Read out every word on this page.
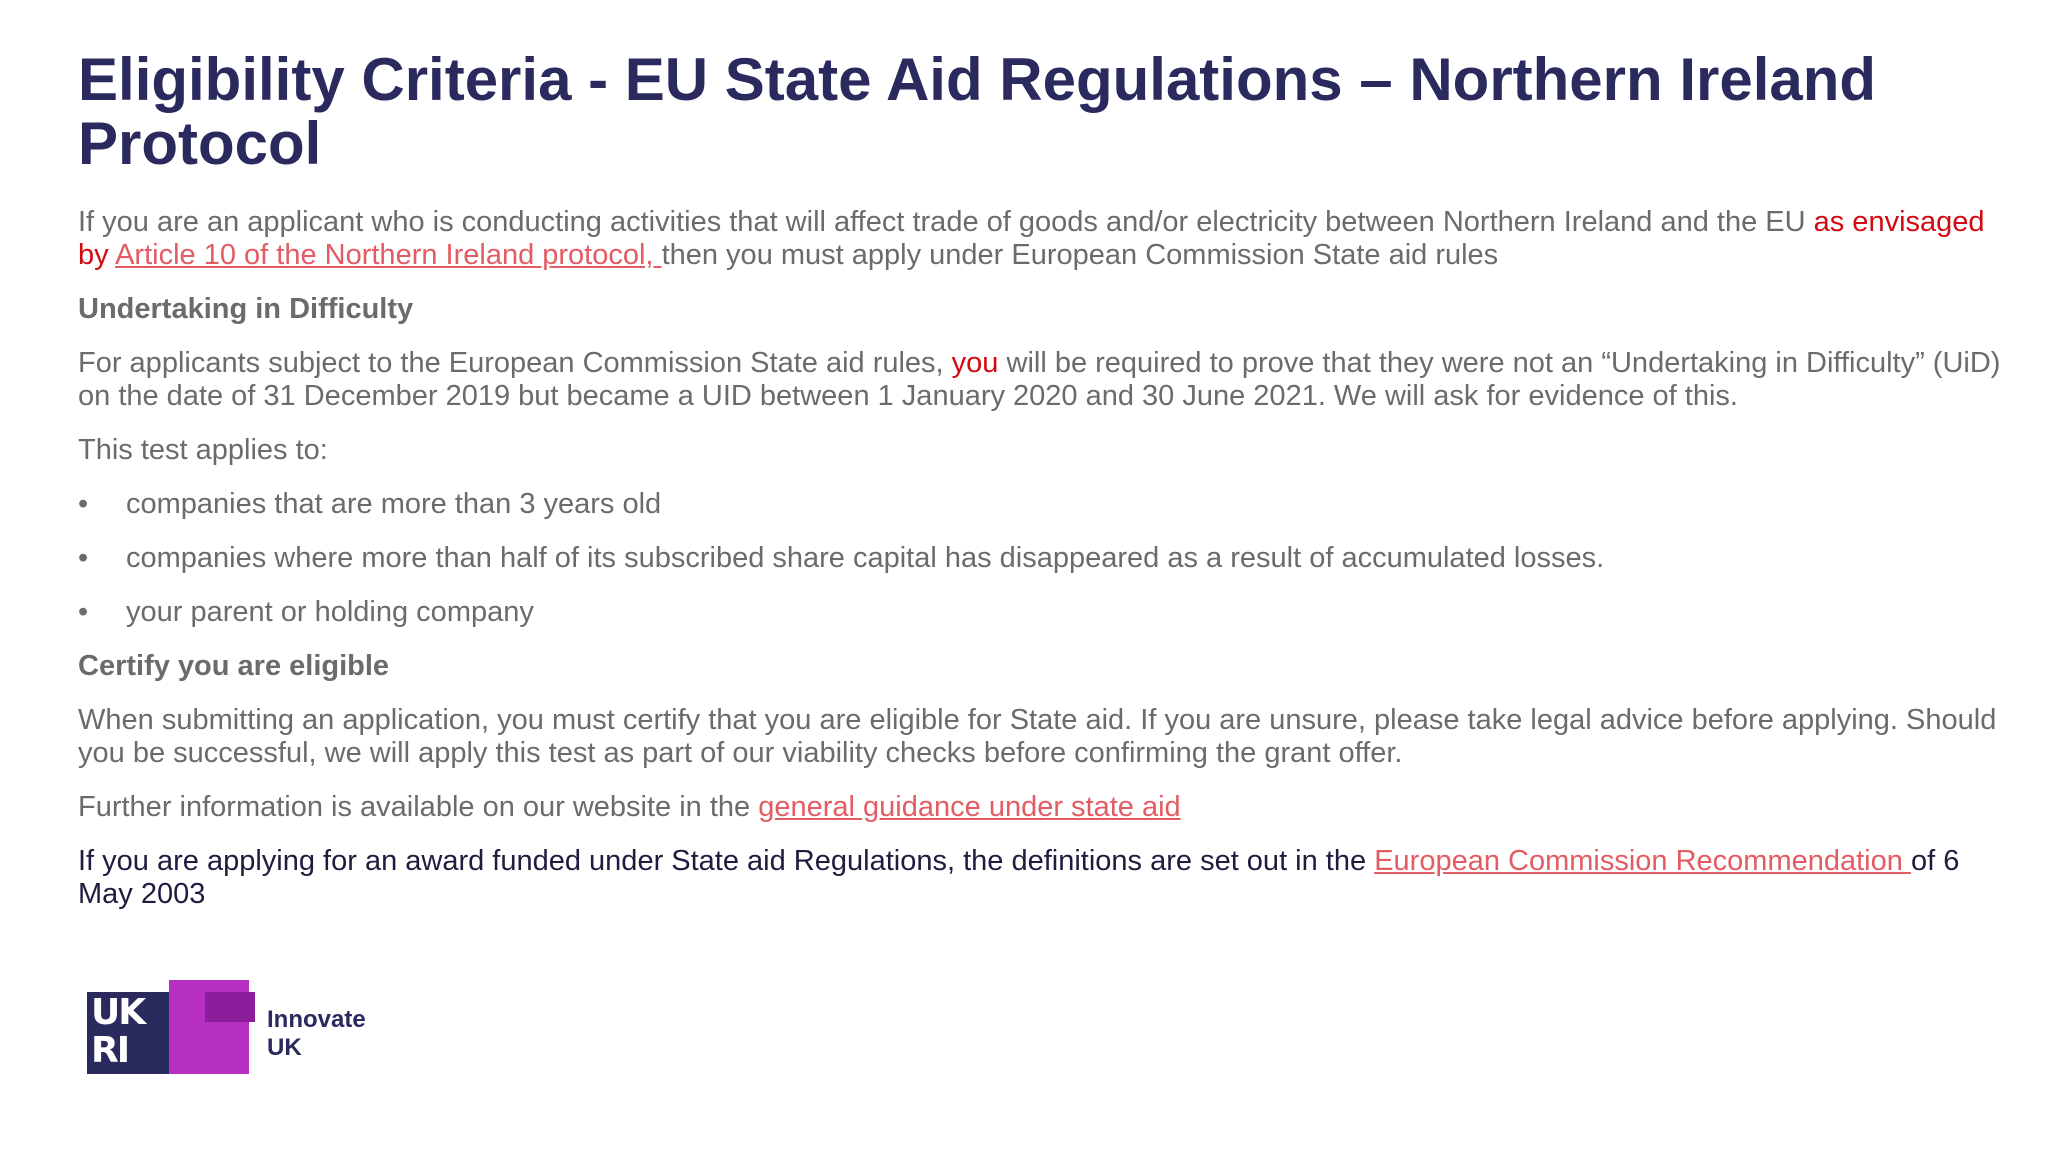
Eligibility Criteria - EU State Aid Regulations – Northern Ireland Protocol

If you are an applicant who is conducting activities that will affect trade of goods and/or electricity between Northern Ireland and the EU as envisaged by Article 10 of the Northern Ireland protocol, then you must apply under European Commission State aid rules

Undertaking in Difficulty

For applicants subject to the European Commission State aid rules, you will be required to prove that they were not an “Undertaking in Difficulty” (UiD) on the date of 31 December 2019 but became a UID between 1 January 2020 and 30 June 2021. We will ask for evidence of this.

This test applies to:

•	companies that are more than 3 years old
•	companies where more than half of its subscribed share capital has disappeared as a result of accumulated losses.
•	your parent or holding company

Certify you are eligible

When submitting an application, you must certify that you are eligible for State aid. If you are unsure, please take legal advice before applying. Should you be successful, we will apply this test as part of our viability checks before confirming the grant offer.

Further information is available on our website in the general guidance under state aid

If you are applying for an award funded under State aid Regulations, the definitions are set out in the European Commission Recommendation of 6 May 2003

UK
RI
Innovate
UK
